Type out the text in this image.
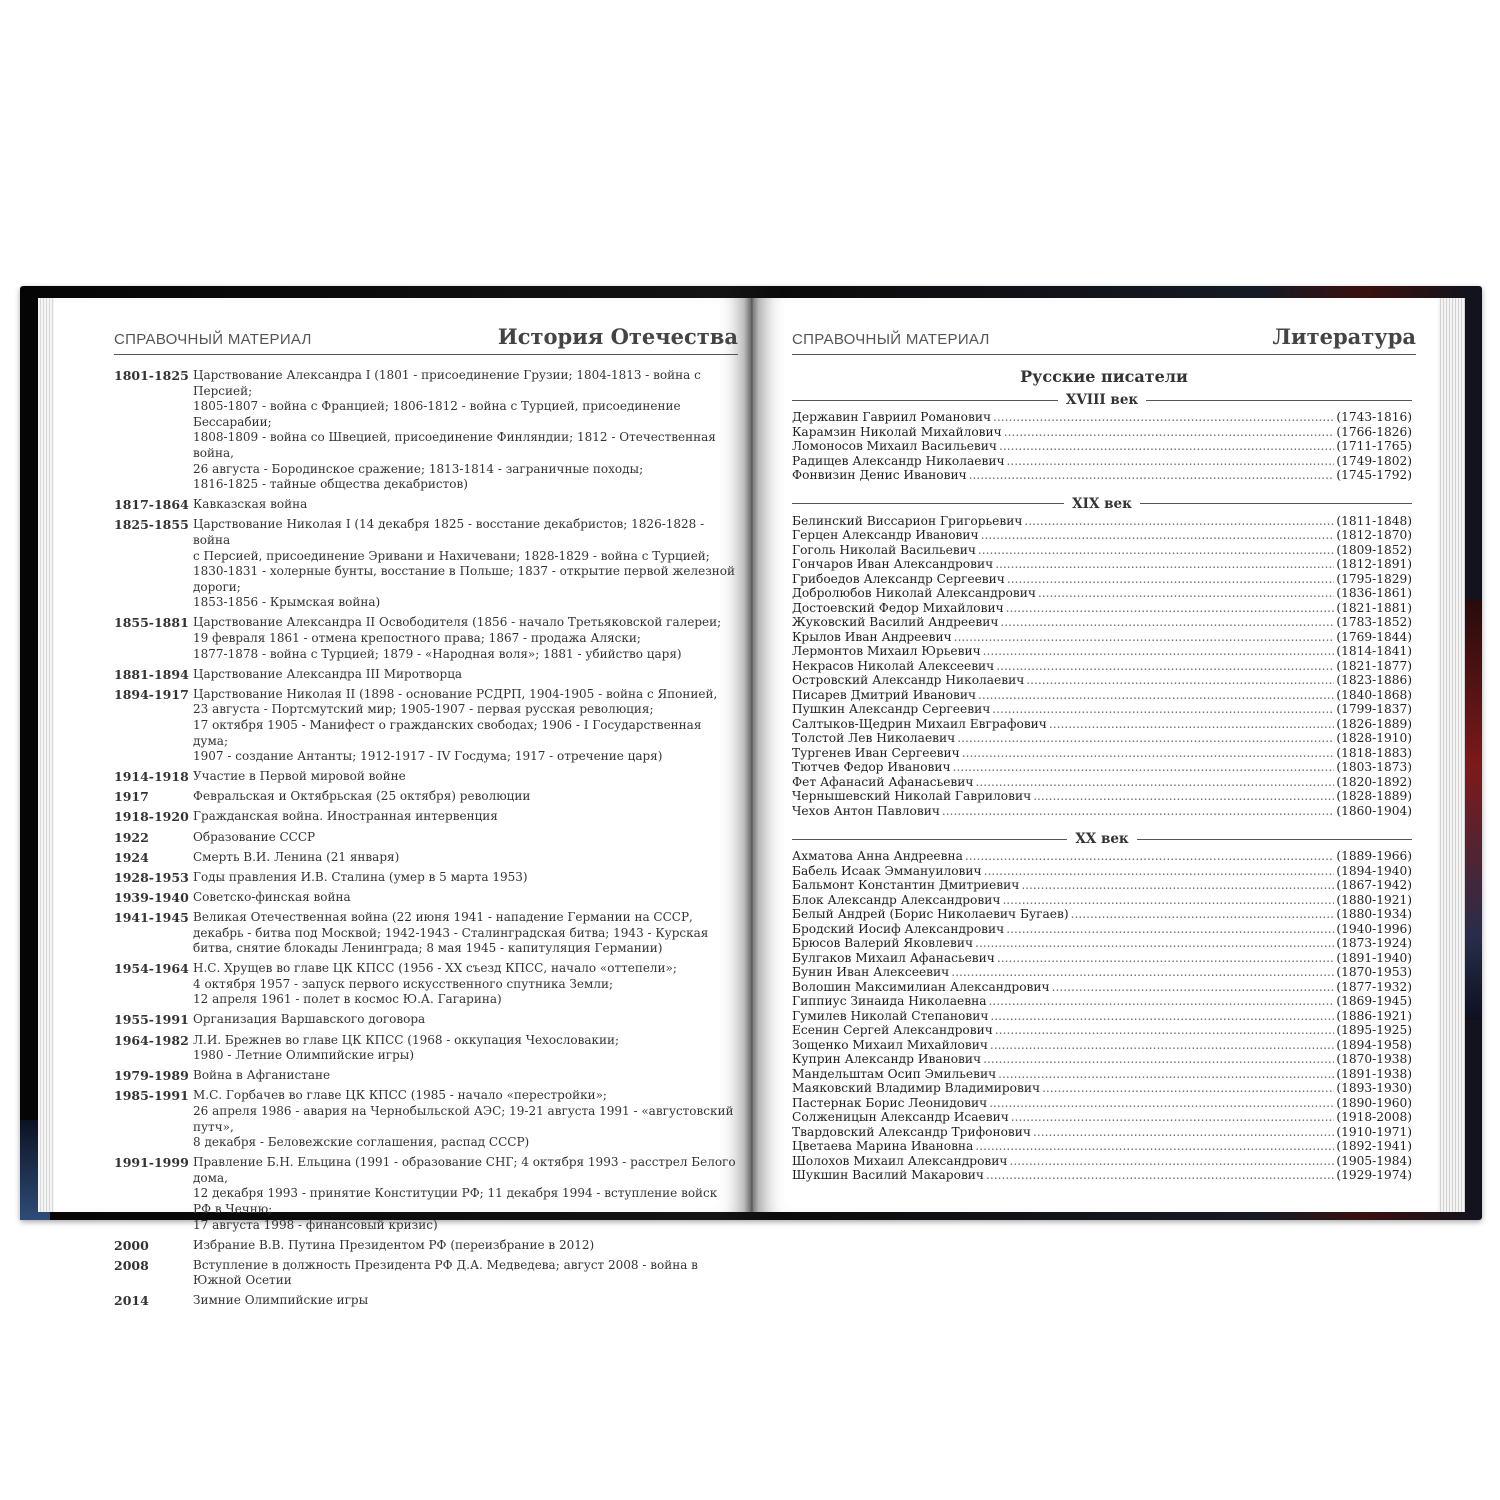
СПРАВОЧНЫЙ МАТЕРИАЛ	История Отечества
1801-1825 Царствование Александра I (1801 - присоединение Грузии; 1804-1813 - война с Персией;
1805-1807 - война с Францией; 1806-1812 - война с Турцией, присоединение Бессарабии;
1808-1809 - война со Швецией, присоединение Финляндии; 1812 - Отечественная война,
26 августа - Бородинское сражение; 1813-1814 - заграничные походы;
1816-1825 - тайные общества декабристов)
1817-1864 Кавказская война
1825-1855 Царствование Николая I (14 декабря 1825 - восстание декабристов; 1826-1828 - война
с Персией, присоединение Эривани и Нахичевани; 1828-1829 - война с Турцией;
1830-1831 - холерные бунты, восстание в Польше; 1837 - открытие первой железной дороги;
1853-1856 - Крымская война)
1855-1881 Царствование Александра II Освободителя (1856 - начало Третьяковской галереи;
19 февраля 1861 - отмена крепостного права; 1867 - продажа Аляски;
1877-1878 - война с Турцией; 1879 - «Народная воля»; 1881 - убийство царя)
1881-1894 Царствование Александра III Миротворца
1894-1917 Царствование Николая II (1898 - основание РСДРП, 1904-1905 - война с Японией,
23 августа - Портсмутский мир; 1905-1907 - первая русская революция;
17 октября 1905 - Манифест о гражданских свободах; 1906 - I Государственная дума;
1907 - создание Антанты; 1912-1917 - IV Госдума; 1917 - отречение царя)
1914-1918 Участие в Первой мировой войне
1917	Февральская и Октябрьская (25 октября) революции
1918-1920 Гражданская война. Иностранная интервенция
1922	Образование СССР
1924	Смерть В.И. Ленина (21 января)
1928-1953 Годы правления И.В. Сталина (умер в 5 марта 1953)
1939-1940 Советско-финская война
1941-1945 Великая Отечественная война (22 июня 1941 - нападение Германии на СССР,
декабрь - битва под Москвой; 1942-1943 - Сталинградская битва; 1943 - Курская
битва, снятие блокады Ленинграда; 8 мая 1945 - капитуляция Германии)
1954-1964 Н.С. Хрущев во главе ЦК КПСС (1956 - XX съезд КПСС, начало «оттепели»;
4 октября 1957 - запуск первого искусственного спутника Земли;
12 апреля 1961 - полет в космос Ю.А. Гагарина)
1955-1991 Организация Варшавского договора
1964-1982 Л.И. Брежнев во главе ЦК КПСС (1968 - оккупация Чехословакии;
1980 - Летние Олимпийские игры)
1979-1989 Война в Афганистане
1985-1991 М.С. Горбачев во главе ЦК КПСС (1985 - начало «перестройки»;
26 апреля 1986 - авария на Чернобыльской АЭС; 19-21 августа 1991 - «августовский путч»,
8 декабря - Беловежские соглашения, распад СССР)
1991-1999 Правление Б.Н. Ельцина (1991 - образование СНГ; 4 октября 1993 - расстрел Белого дома,
12 декабря 1993 - принятие Конституции РФ; 11 декабря 1994 - вступление войск РФ в Чечню;
17 августа 1998 - финансовый кризис)
2000	Избрание В.В. Путина Президентом РФ (переизбрание в 2012)
2008	Вступление в должность Президента РФ Д.А. Медведева; август 2008 - война в Южной Осетии
2014	Зимние Олимпийские игры
СПРАВОЧНЫЙ МАТЕРИАЛ	Литература
Русские писатели
XVIII век
Державин Гавриил Романович .....	(1743-1816)
Карамзин Николай Михайлович .....	(1766-1826)
Ломоносов Михаил Васильевич .....	(1711-1765)
Радищев Александр Николаевич .....	(1749-1802)
Фонвизин Денис Иванович .....	(1745-1792)
XIX век
Белинский Виссарион Григорьевич .....	(1811-1848)
Герцен Александр Иванович .....	(1812-1870)
Гоголь Николай Васильевич .....	(1809-1852)
Гончаров Иван Александрович .....	(1812-1891)
Грибоедов Александр Сергеевич .....	(1795-1829)
Добролюбов Николай Александрович .....	(1836-1861)
Достоевский Федор Михайлович .....	(1821-1881)
Жуковский Василий Андреевич .....	(1783-1852)
Крылов Иван Андреевич .....	(1769-1844)
Лермонтов Михаил Юрьевич .....	(1814-1841)
Некрасов Николай Алексеевич .....	(1821-1877)
Островский Александр Николаевич .....	(1823-1886)
Писарев Дмитрий Иванович .....	(1840-1868)
Пушкин Александр Сергеевич .....	(1799-1837)
Салтыков-Щедрин Михаил Евграфович .....	(1826-1889)
Толстой Лев Николаевич .....	(1828-1910)
Тургенев Иван Сергеевич .....	(1818-1883)
Тютчев Федор Иванович .....	(1803-1873)
Фет Афанасий Афанасьевич .....	(1820-1892)
Чернышевский Николай Гаврилович .....	(1828-1889)
Чехов Антон Павлович .....	(1860-1904)
XX век
Ахматова Анна Андреевна .....	(1889-1966)
Бабель Исаак Эммануилович .....	(1894-1940)
Бальмонт Константин Дмитриевич .....	(1867-1942)
Блок Александр Александрович .....	(1880-1921)
Белый Андрей (Борис Николаевич Бугаев) .....	(1880-1934)
Бродский Иосиф Александрович .....	(1940-1996)
Брюсов Валерий Яковлевич .....	(1873-1924)
Булгаков Михаил Афанасьевич .....	(1891-1940)
Бунин Иван Алексеевич .....	(1870-1953)
Волошин Максимилиан Александрович .....	(1877-1932)
Гиппиус Зинаида Николаевна .....	(1869-1945)
Гумилев Николай Степанович .....	(1886-1921)
Есенин Сергей Александрович .....	(1895-1925)
Зощенко Михаил Михайлович .....	(1894-1958)
Куприн Александр Иванович .....	(1870-1938)
Мандельштам Осип Эмильевич .....	(1891-1938)
Маяковский Владимир Владимирович .....	(1893-1930)
Пастернак Борис Леонидович .....	(1890-1960)
Солженицын Александр Исаевич .....	(1918-2008)
Твардовский Александр Трифонович .....	(1910-1971)
Цветаева Марина Ивановна .....	(1892-1941)
Шолохов Михаил Александрович .....	(1905-1984)
Шукшин Василий Макарович .....	(1929-1974)
